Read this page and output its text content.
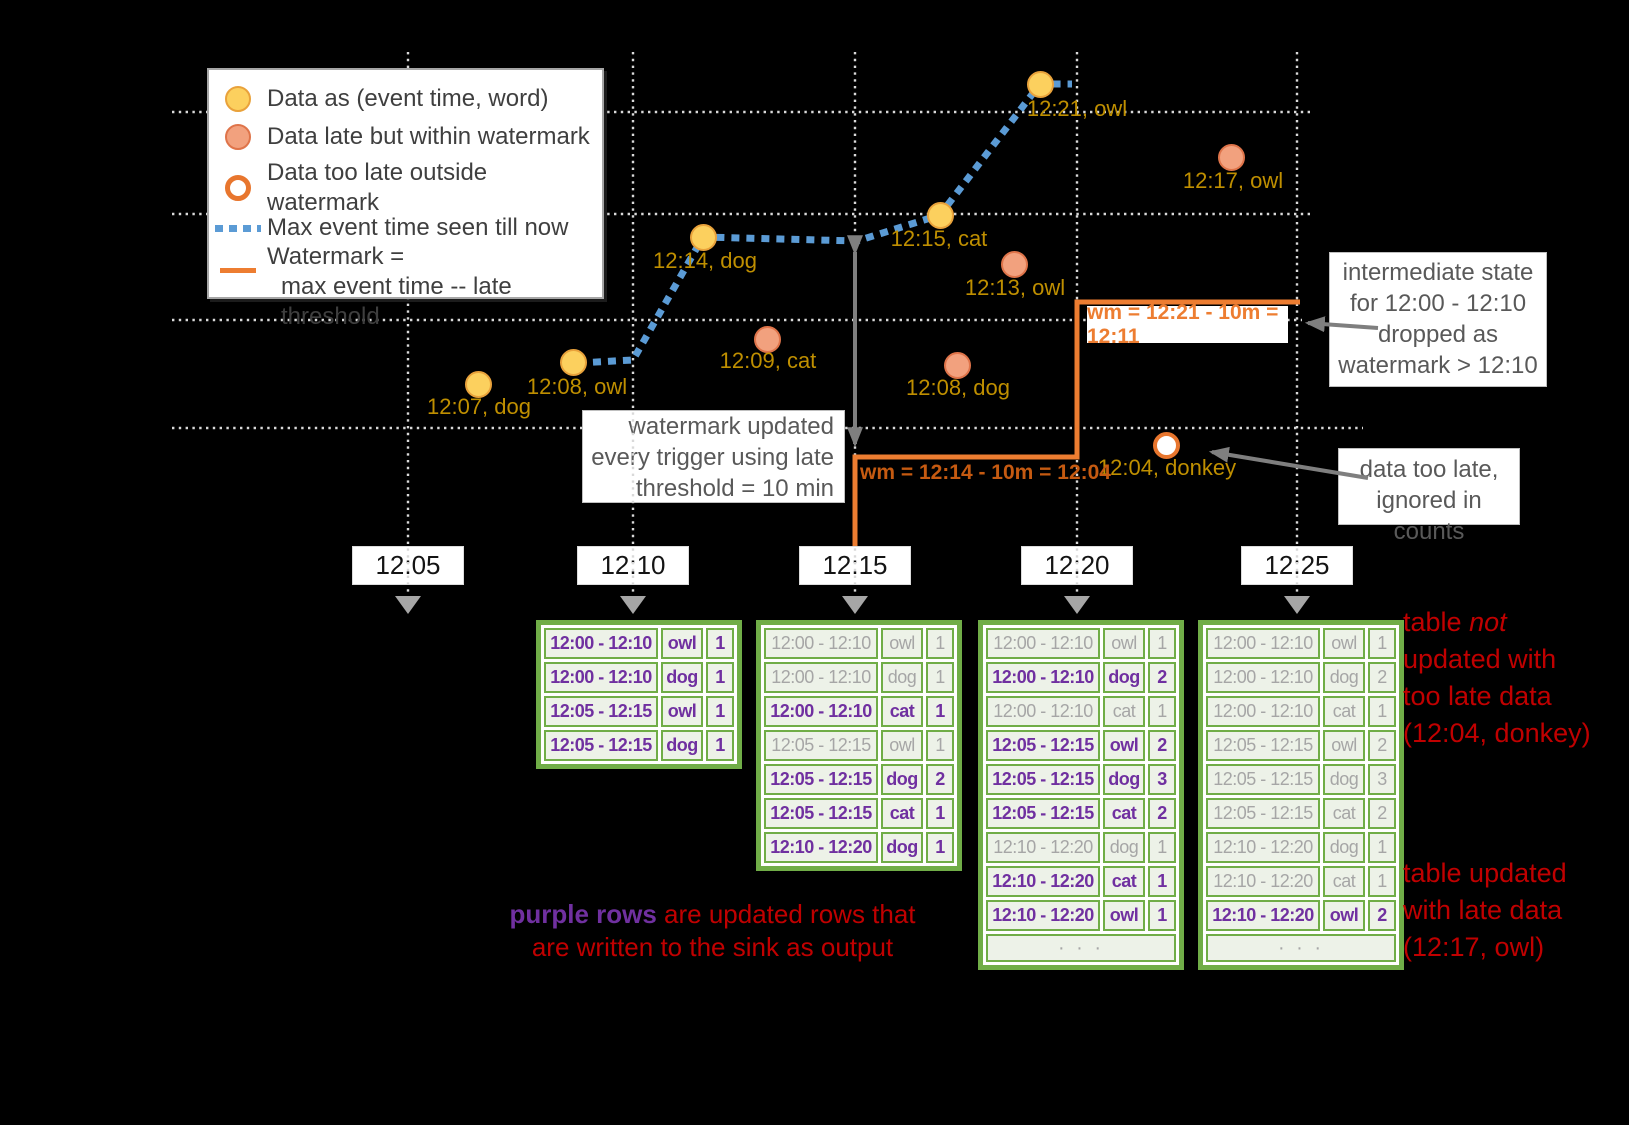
12:05	12:10	12:15	12:20	12:25
12:00 - 12:10	owl	1
12:00 - 12:10	dog	1
12:05 - 12:15	owl	1
12:05 - 12:15	dog	1
12:00 - 12:10	owl	1
12:00 - 12:10	dog	1
12:00 - 12:10	cat	1
12:05 - 12:15	owl	1
12:05 - 12:15	dog	2
12:05 - 12:15	cat	1
12:10 - 12:20	dog	1
12:00 - 12:10	owl	1
12:00 - 12:10	dog	2
12:00 - 12:10	cat	1
12:05 - 12:15	owl	2
12:05 - 12:15	dog	3
12:05 - 12:15	cat	2
12:10 - 12:20	dog	1
12:10 - 12:20	cat	1
12:10 - 12:20	owl	1
· · ·		
12:00 - 12:10	owl	1
12:00 - 12:10	dog	2
12:00 - 12:10	cat	1
12:05 - 12:15	owl	2
12:05 - 12:15	dog	3
12:05 - 12:15	cat	2
12:10 - 12:20	dog	1
12:10 - 12:20	cat	1
12:10 - 12:20	owl	2
· · ·		
12:07, dog
12:08, owl
12:14, dog
12:15, cat
12:21, owl
12:09, cat
12:13, owl
12:08, dog
12:17, owl
12:04, donkey
Data as (event time, word)
Data late but within watermark
Data too late outside watermark
Max event time seen till now
Watermark =
max event time -- late threshold
wm = 12:14 - 10m = 12:04
wm = 12:21 - 10m = 12:11
watermark updated
every trigger using late
threshold = 10 min
intermediate state
for 12:00 - 12:10
dropped as
watermark > 12:10
data too late,
ignored in counts
purple rows are updated rows that
are written to the sink as output
table not
updated with
too late data
(12:04, donkey)
table updated
with late data
(12:17, owl)
